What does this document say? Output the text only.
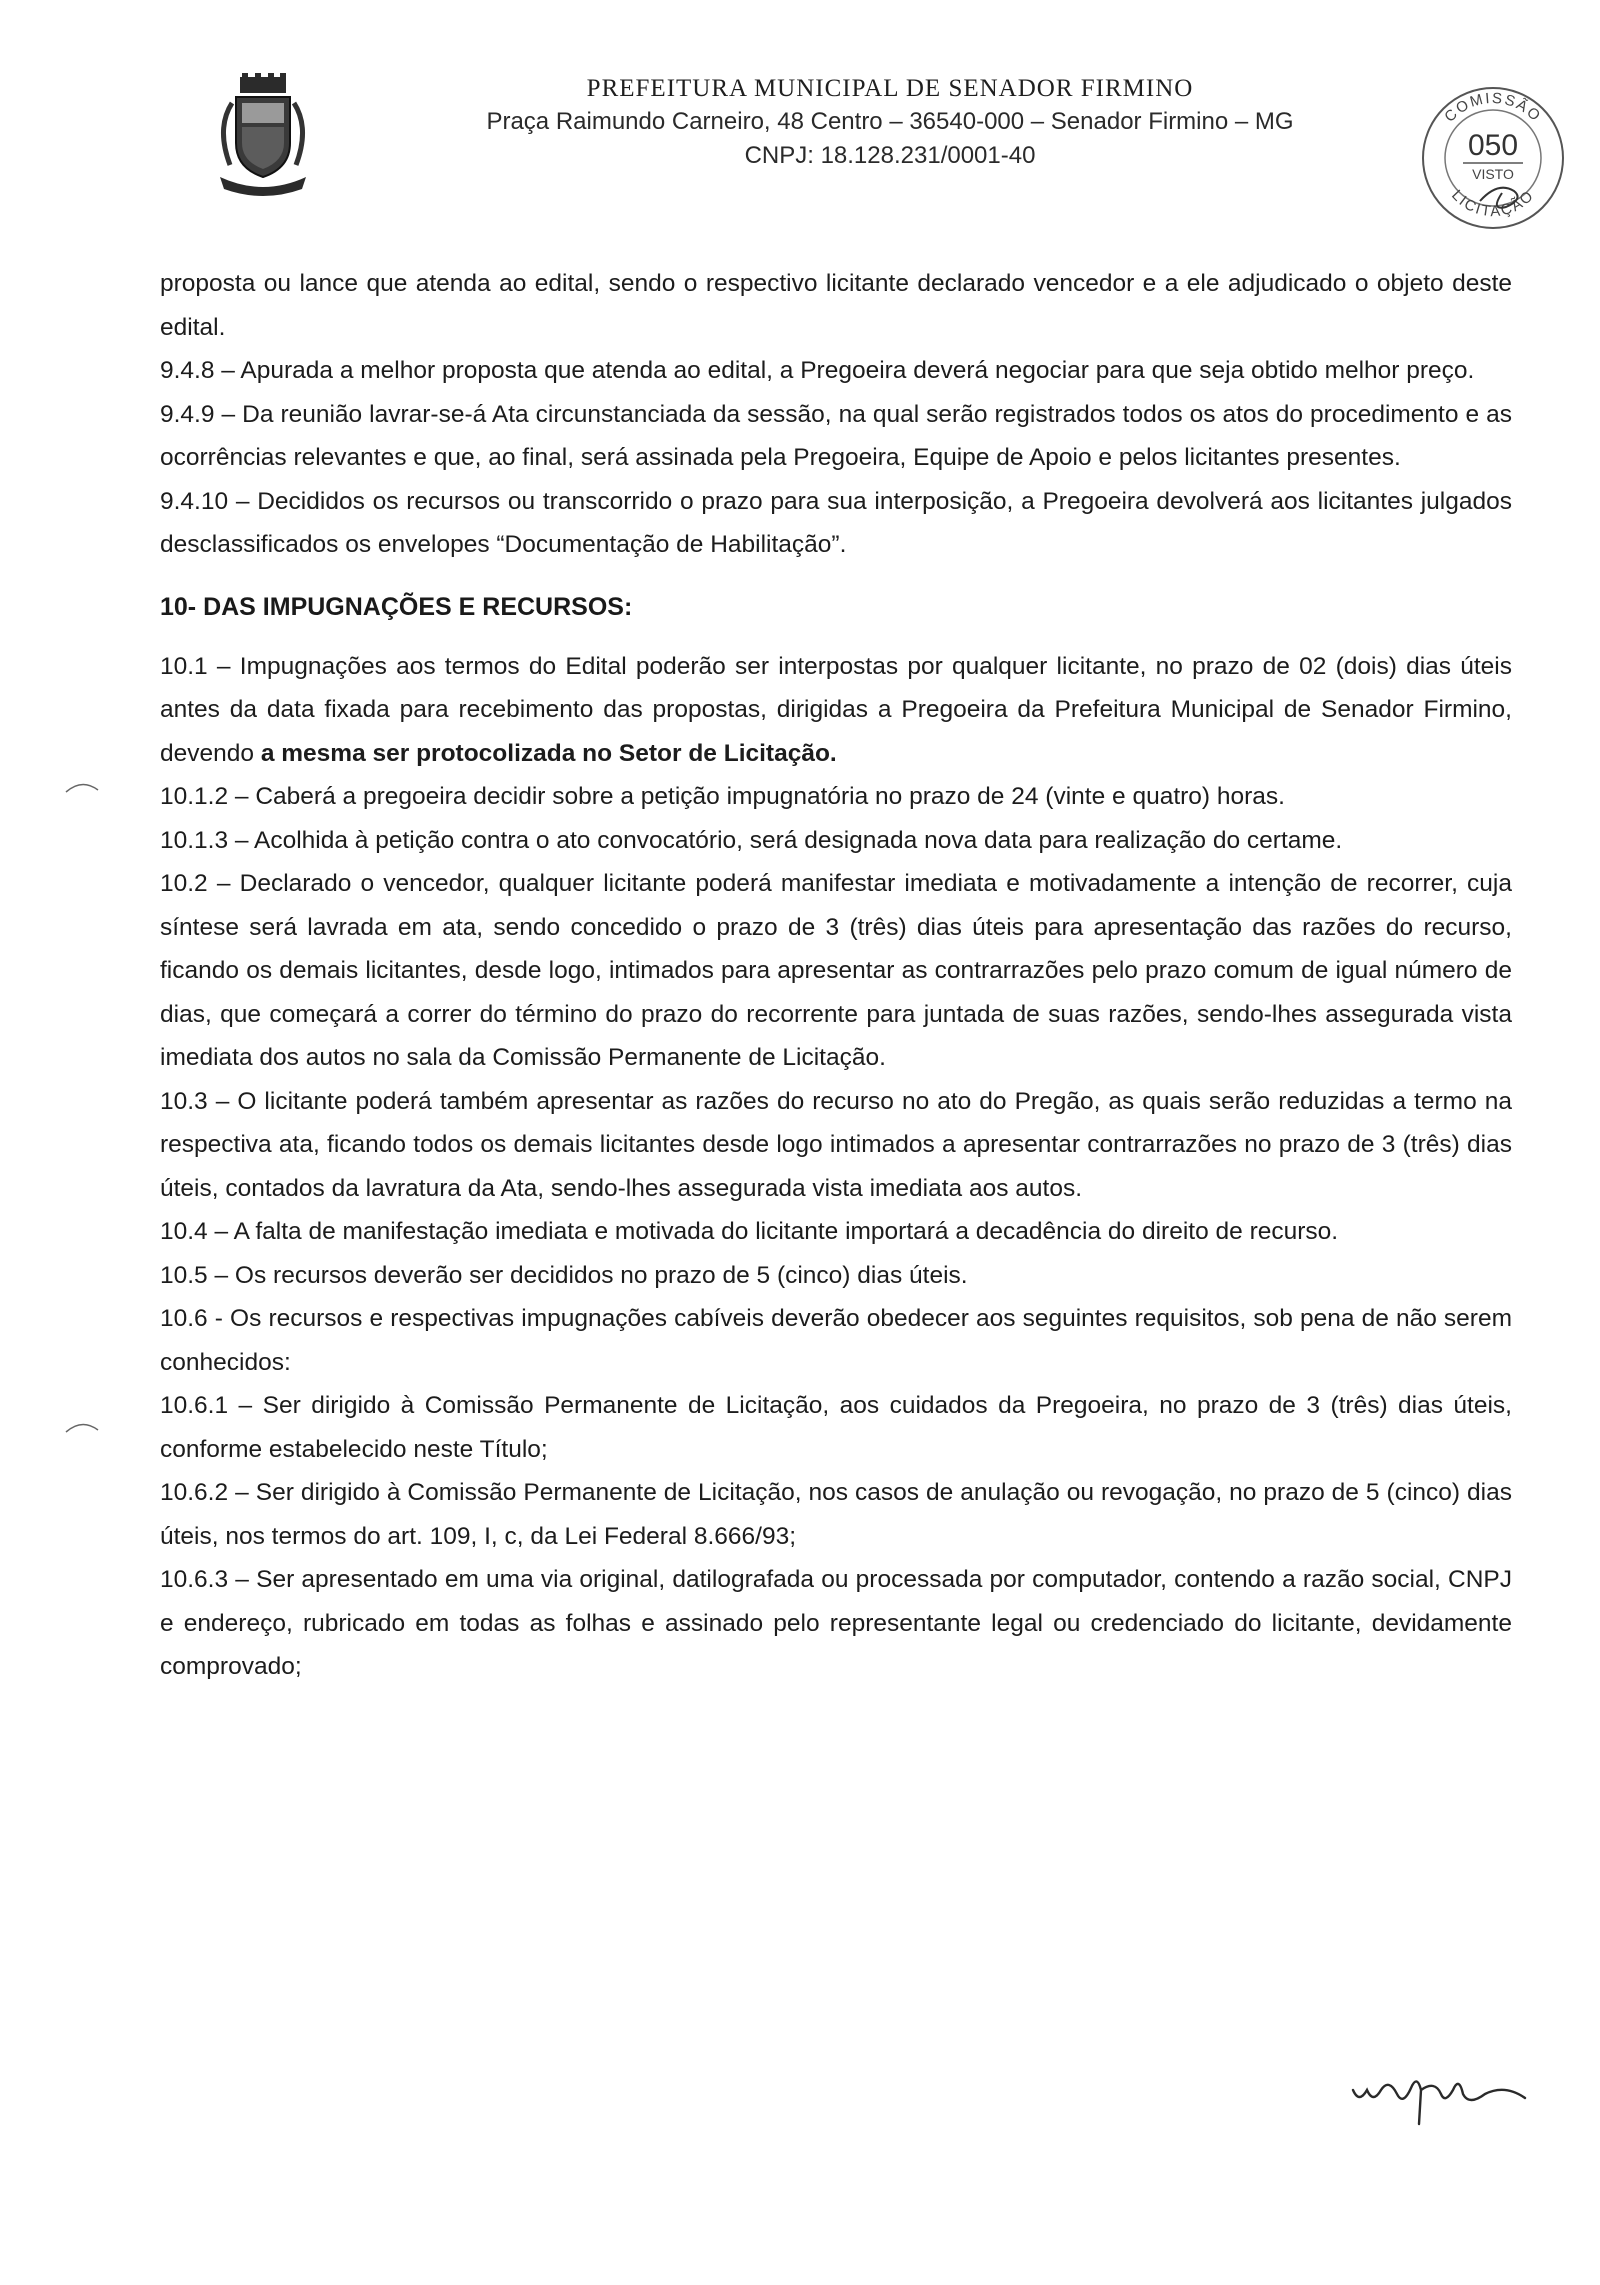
PREFEITURA MUNICIPAL DE SENADOR FIRMINO
Praça Raimundo Carneiro, 48 Centro – 36540-000 – Senador Firmino – MG
CNPJ: 18.128.231/0001-40
COMISSÃO
050
VISTO
LICITAÇÃO

proposta ou lance que atenda ao edital, sendo o respectivo licitante declarado vencedor e a ele adjudicado o objeto deste edital.

9.4.8 – Apurada a melhor proposta que atenda ao edital, a Pregoeira deverá negociar para que seja obtido melhor preço.

9.4.9 – Da reunião lavrar-se-á Ata circunstanciada da sessão, na qual serão registrados todos os atos do procedimento e as ocorrências relevantes e que, ao final, será assinada pela Pregoeira, Equipe de Apoio e pelos licitantes presentes.

9.4.10 – Decididos os recursos ou transcorrido o prazo para sua interposição, a Pregoeira devolverá aos licitantes julgados desclassificados os envelopes “Documentação de Habilitação”.

10- DAS IMPUGNAÇÕES E RECURSOS:

10.1 – Impugnações aos termos do Edital poderão ser interpostas por qualquer licitante, no prazo de 02 (dois) dias úteis antes da data fixada para recebimento das propostas, dirigidas a Pregoeira da Prefeitura Municipal de Senador Firmino, devendo a mesma ser protocolizada no Setor de Licitação.

10.1.2 – Caberá a pregoeira decidir sobre a petição impugnatória no prazo de 24 (vinte e quatro) horas.

10.1.3 – Acolhida à petição contra o ato convocatório, será designada nova data para realização do certame.

10.2 – Declarado o vencedor, qualquer licitante poderá manifestar imediata e motivadamente a intenção de recorrer, cuja síntese será lavrada em ata, sendo concedido o prazo de 3 (três) dias úteis para apresentação das razões do recurso, ficando os demais licitantes, desde logo, intimados para apresentar as contrarrazões pelo prazo comum de igual número de dias, que começará a correr do término do prazo do recorrente para juntada de suas razões, sendo-lhes assegurada vista imediata dos autos no sala da Comissão Permanente de Licitação.

10.3 – O licitante poderá também apresentar as razões do recurso no ato do Pregão, as quais serão reduzidas a termo na respectiva ata, ficando todos os demais licitantes desde logo intimados a apresentar contrarrazões no prazo de 3 (três) dias úteis, contados da lavratura da Ata, sendo-lhes assegurada vista imediata aos autos.

10.4 – A falta de manifestação imediata e motivada do licitante importará a decadência do direito de recurso.

10.5 – Os recursos deverão ser decididos no prazo de 5 (cinco) dias úteis.

10.6 - Os recursos e respectivas impugnações cabíveis deverão obedecer aos seguintes requisitos, sob pena de não serem conhecidos:

10.6.1 – Ser dirigido à Comissão Permanente de Licitação, aos cuidados da Pregoeira, no prazo de 3 (três) dias úteis, conforme estabelecido neste Título;

10.6.2 – Ser dirigido à Comissão Permanente de Licitação, nos casos de anulação ou revogação, no prazo de 5 (cinco) dias úteis, nos termos do art. 109, I, c, da Lei Federal 8.666/93;

10.6.3 – Ser apresentado em uma via original, datilografada ou processada por computador, contendo a razão social, CNPJ e endereço, rubricado em todas as folhas e assinado pelo representante legal ou credenciado do licitante, devidamente comprovado;
